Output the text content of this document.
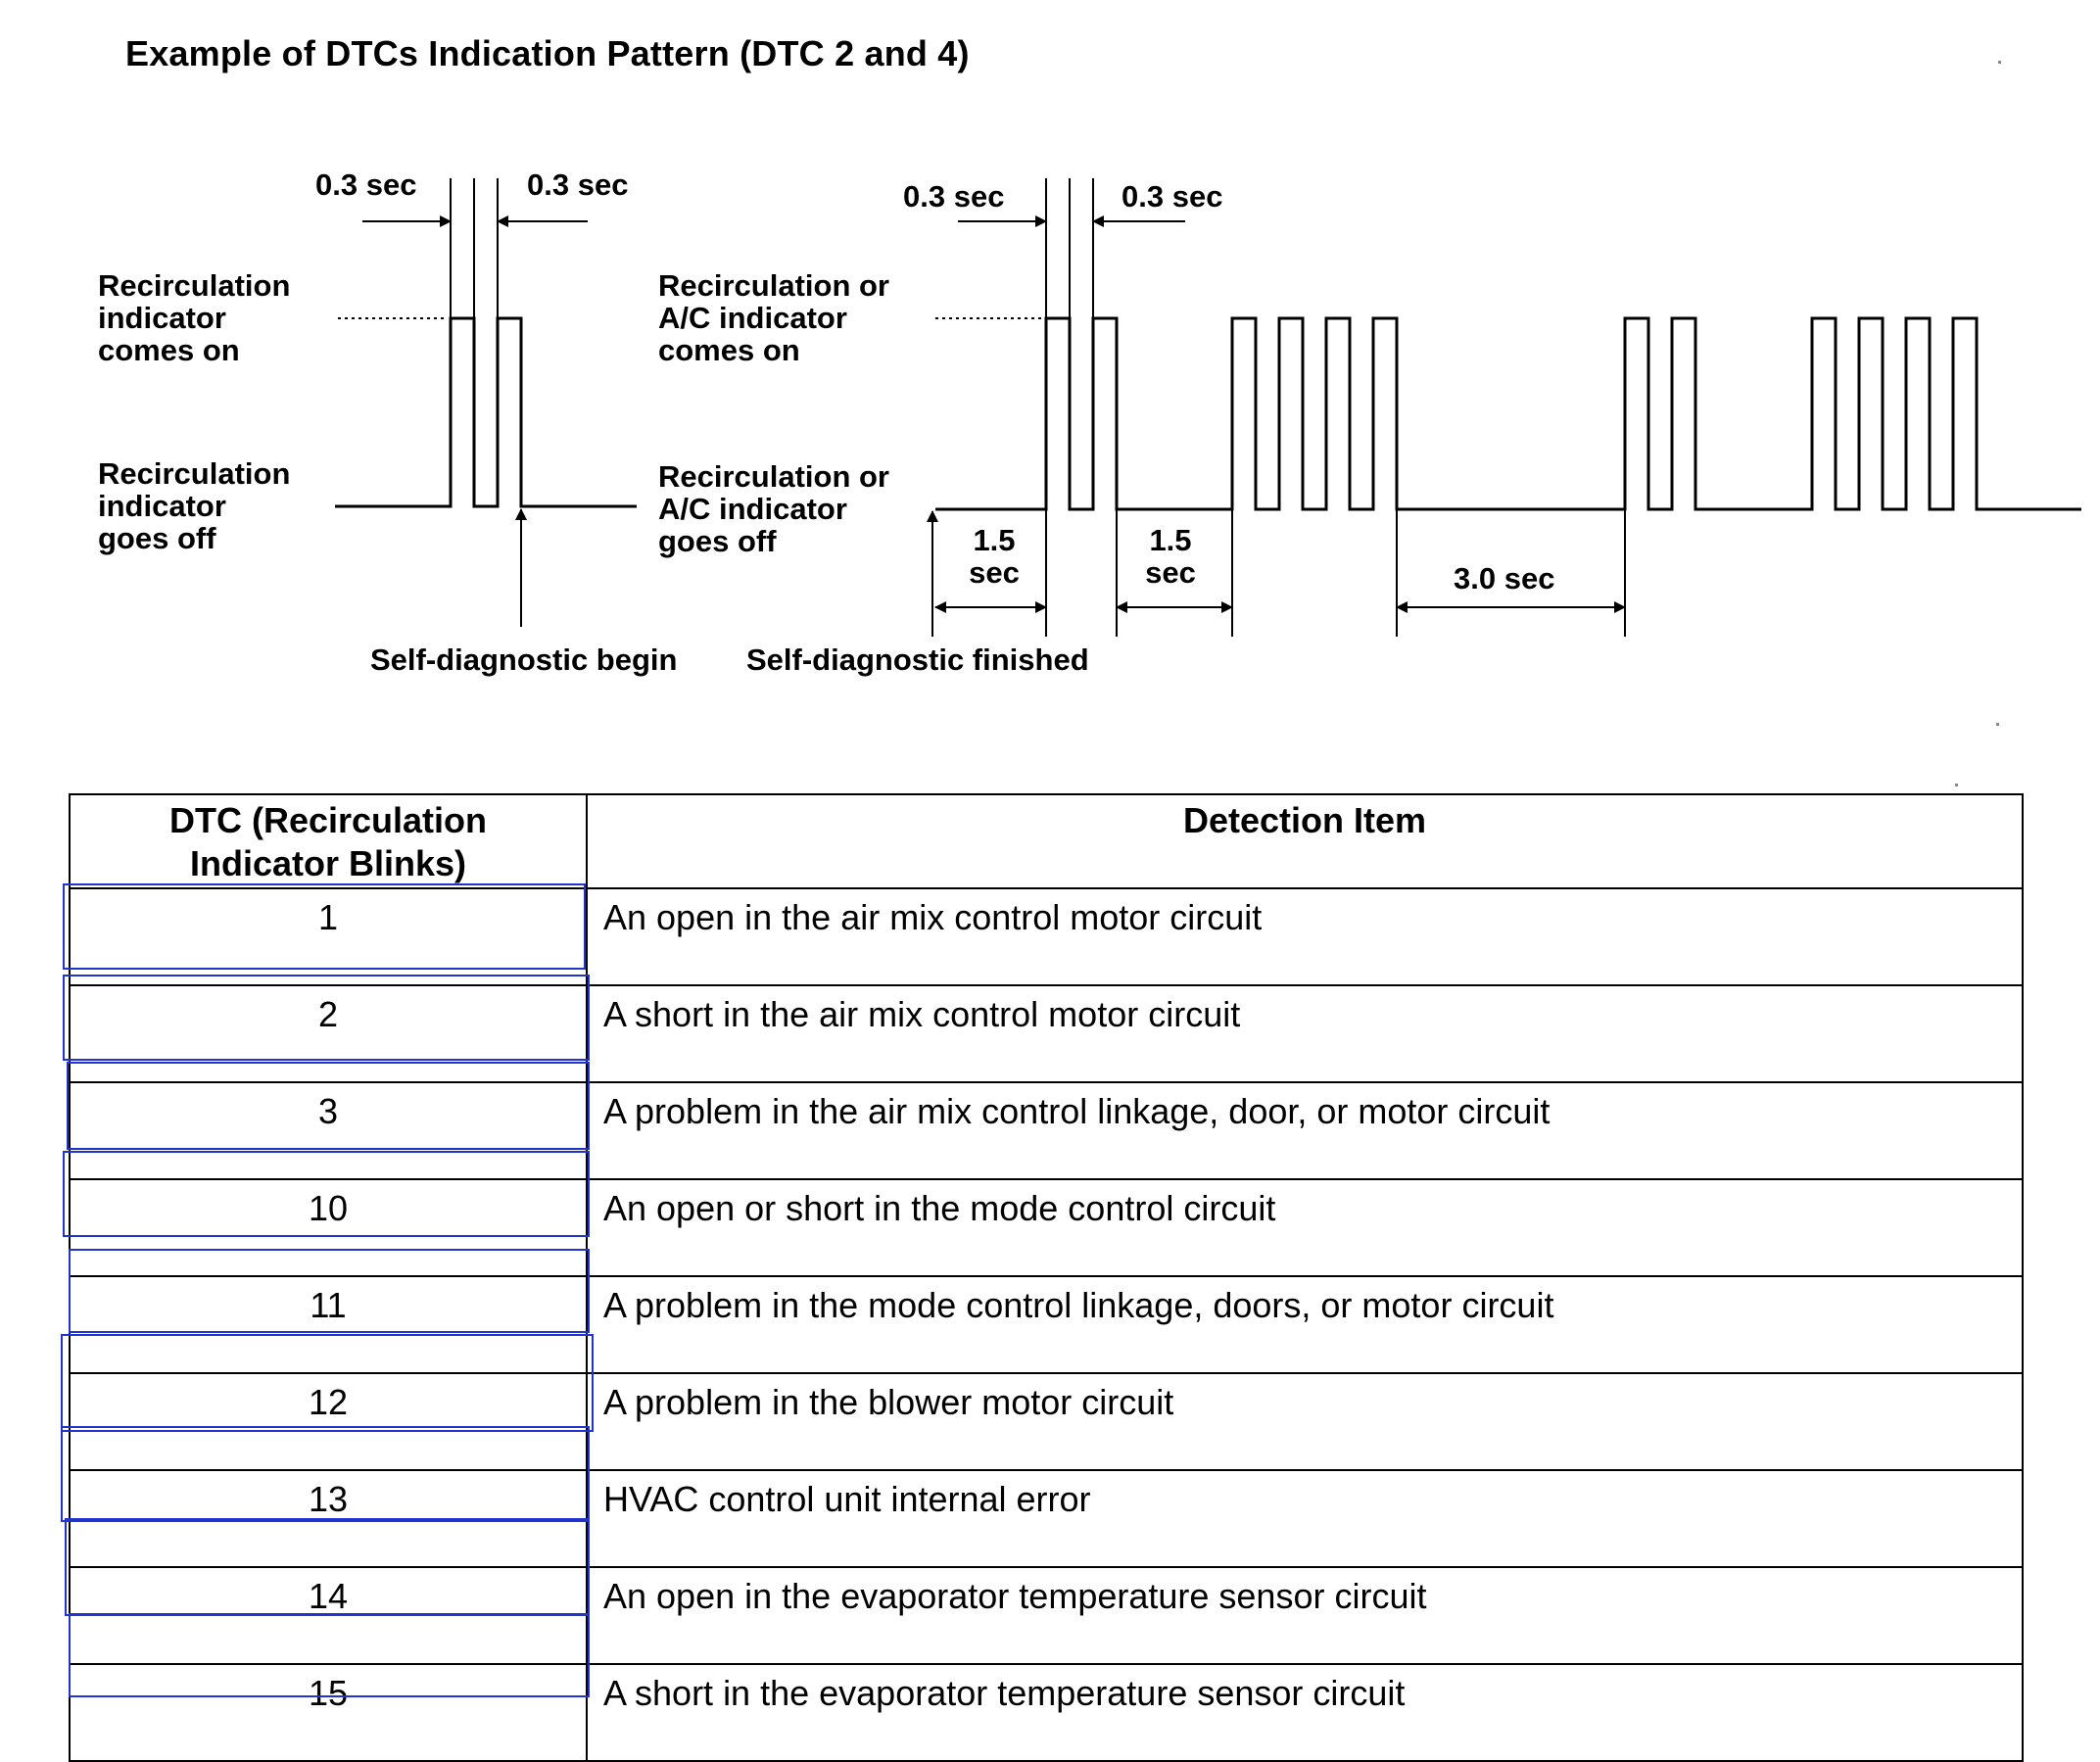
Example of DTCs Indication Pattern (DTC 2 and 4)
0.3 sec	0.3 sec
Recirculation
indicator
comes on
Recirculation
indicator
goes off
Self-diagnostic begin
0.3 sec	0.3 sec
Recirculation or
A/C indicator
comes on
Recirculation or
A/C indicator
goes off
Self-diagnostic finished
1.5
sec
1.5
sec	3.0 sec
DTC (Recirculation
Indicator Blinks)	Detection Item
1	An open in the air mix control motor circuit
2	A short in the air mix control motor circuit
3	A problem in the air mix control linkage, door, or motor circuit
10	An open or short in the mode control circuit
11	A problem in the mode control linkage, doors, or motor circuit
12	A problem in the blower motor circuit
13	HVAC control unit internal error
14	An open in the evaporator temperature sensor circuit
15	A short in the evaporator temperature sensor circuit
